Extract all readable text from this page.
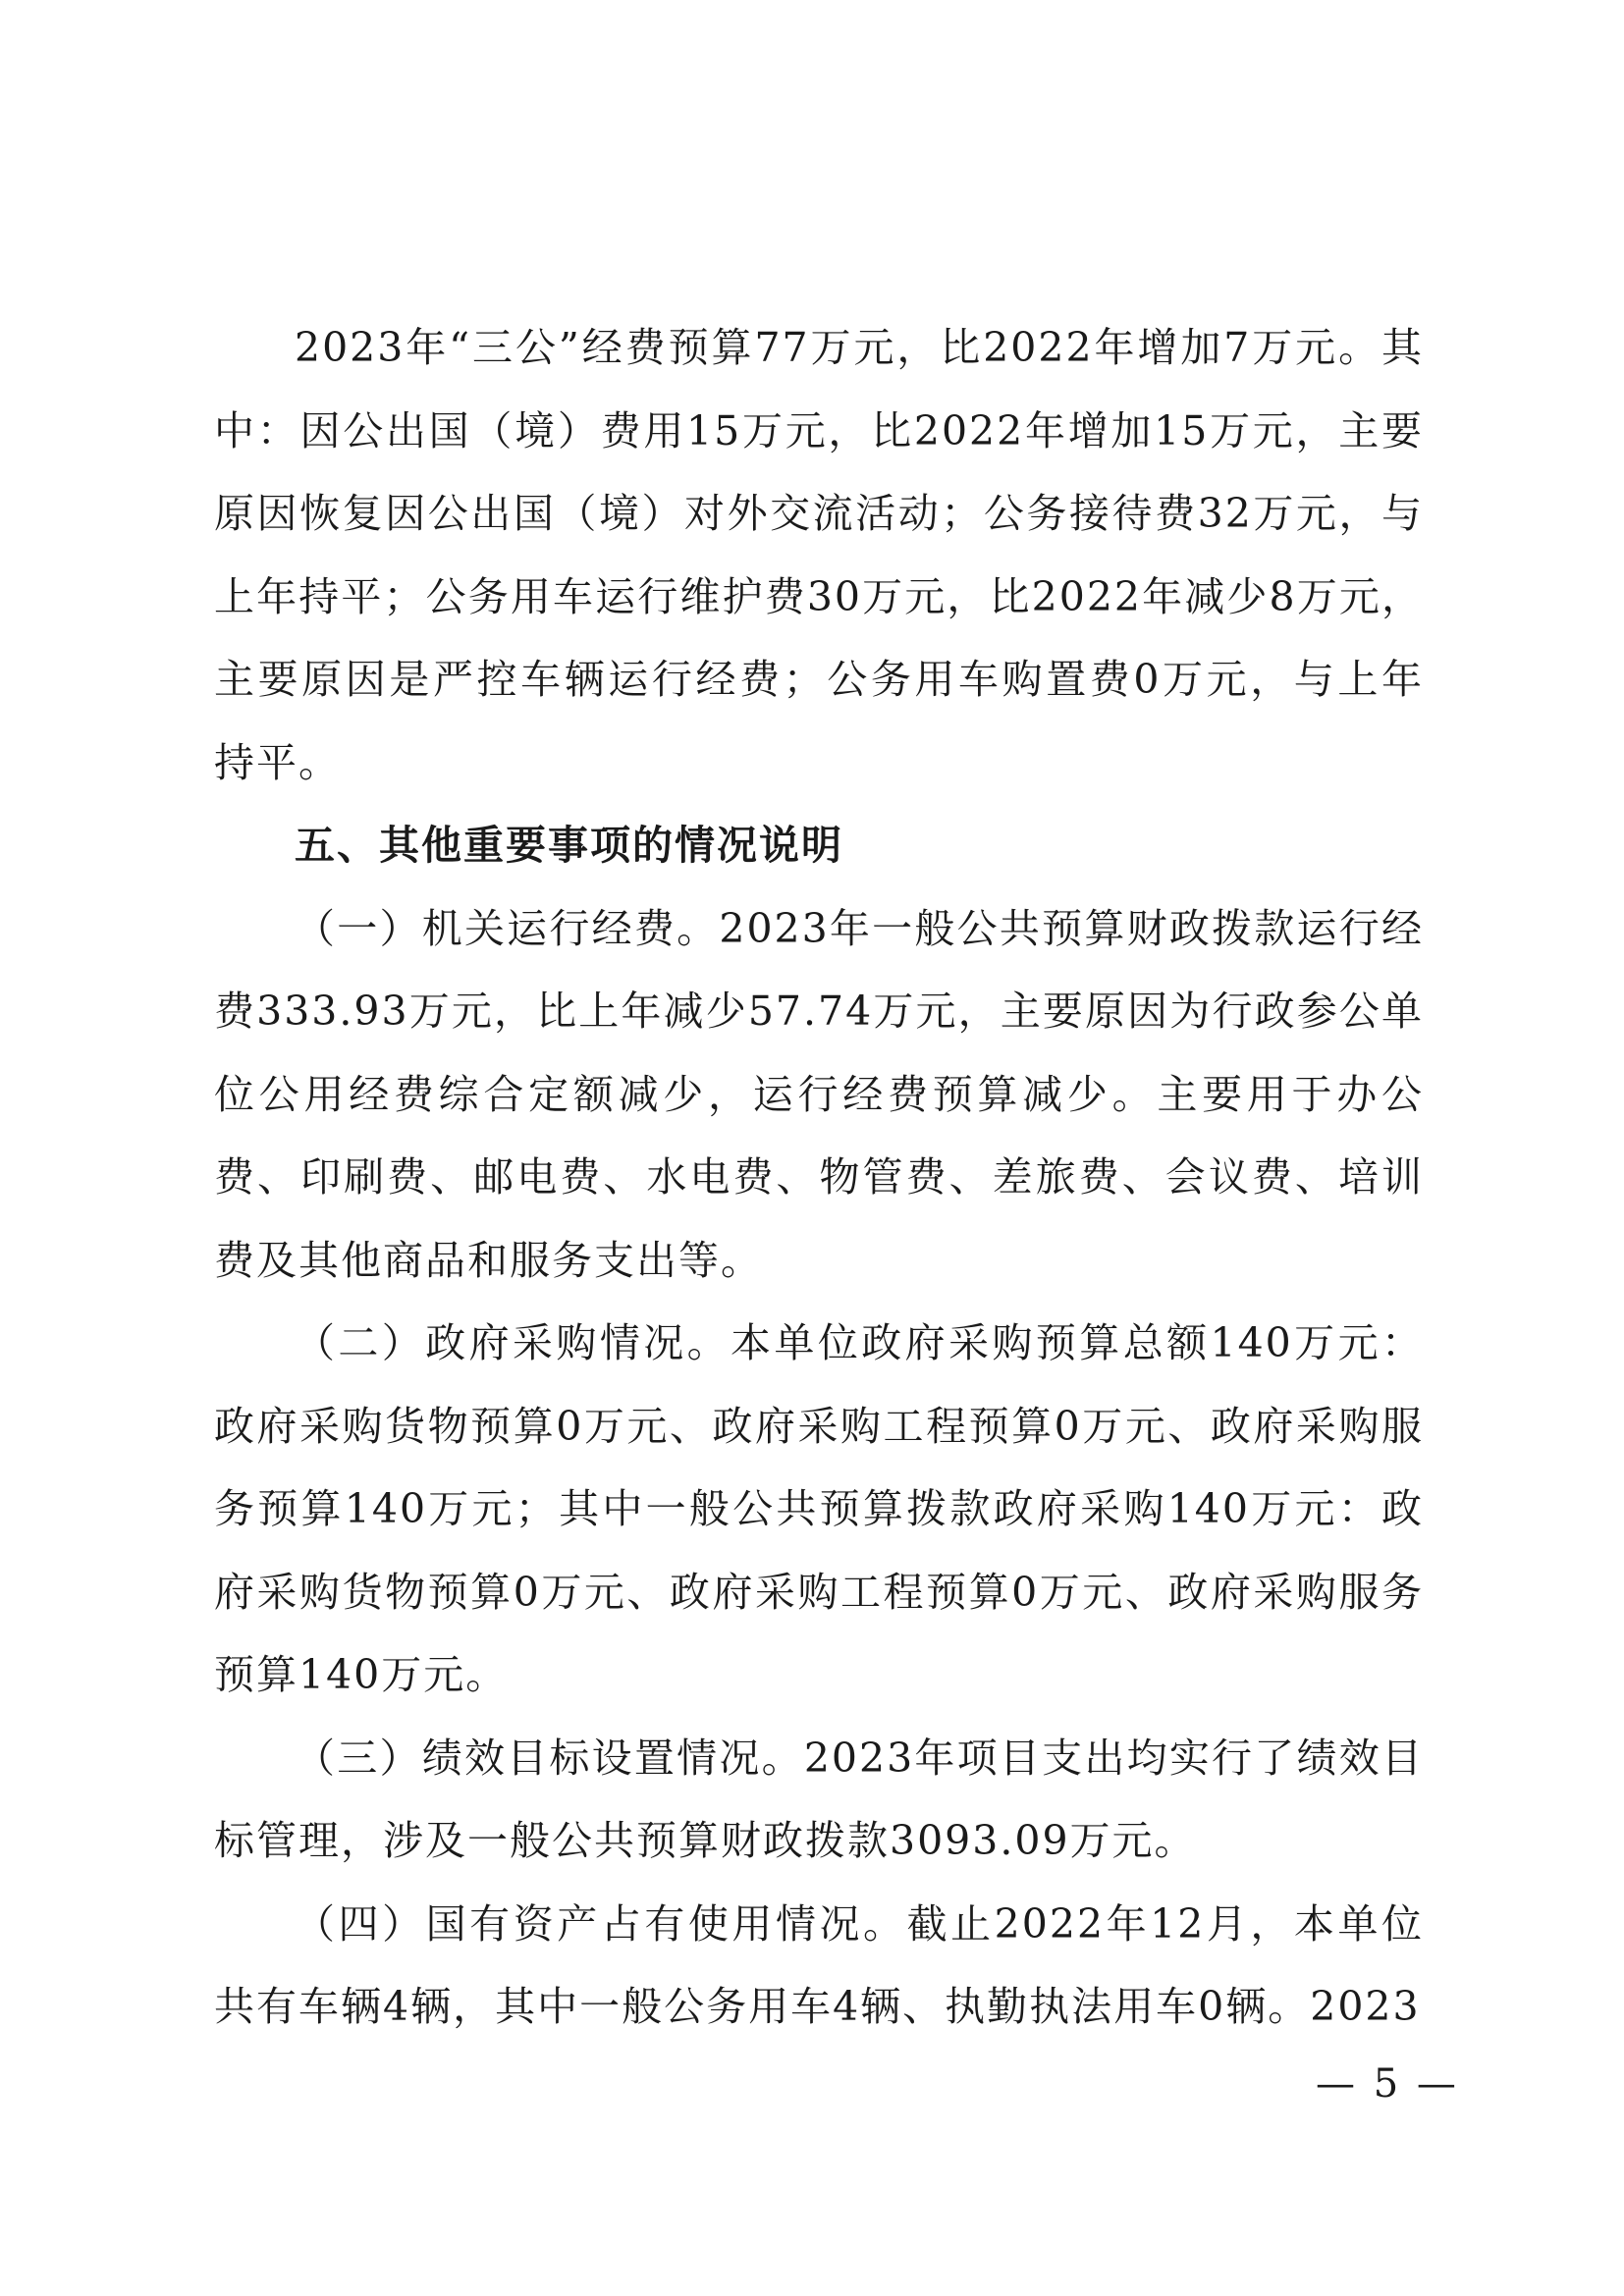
2023年“三公”经费预算77万元，比2022年增加7万元。其中：因公出国（境）费用15万元，比2022年增加15万元，主要原因恢复因公出国（境）对外交流活动；公务接待费32万元，与上年持平；公务用车运行维护费30万元，比2022年减少8万元，主要原因是严控车辆运行经费；公务用车购置费0万元，与上年持平。

五、其他重要事项的情况说明

（一）机关运行经费。2023年一般公共预算财政拨款运行经费333.93万元，比上年减少57.74万元，主要原因为行政参公单位公用经费综合定额减少，运行经费预算减少。主要用于办公费、印刷费、邮电费、水电费、物管费、差旅费、会议费、培训费及其他商品和服务支出等。

（二）政府采购情况。本单位政府采购预算总额140万元：政府采购货物预算0万元、政府采购工程预算0万元、政府采购服务预算140万元；其中一般公共预算拨款政府采购140万元：政府采购货物预算0万元、政府采购工程预算0万元、政府采购服务预算140万元。

（三）绩效目标设置情况。2023年项目支出均实行了绩效目标管理，涉及一般公共预算财政拨款3093.09万元。

（四）国有资产占有使用情况。截止2022年12月，本单位共有车辆4辆，其中一般公务用车4辆、执勤执法用车0辆。2023

— 5 —
